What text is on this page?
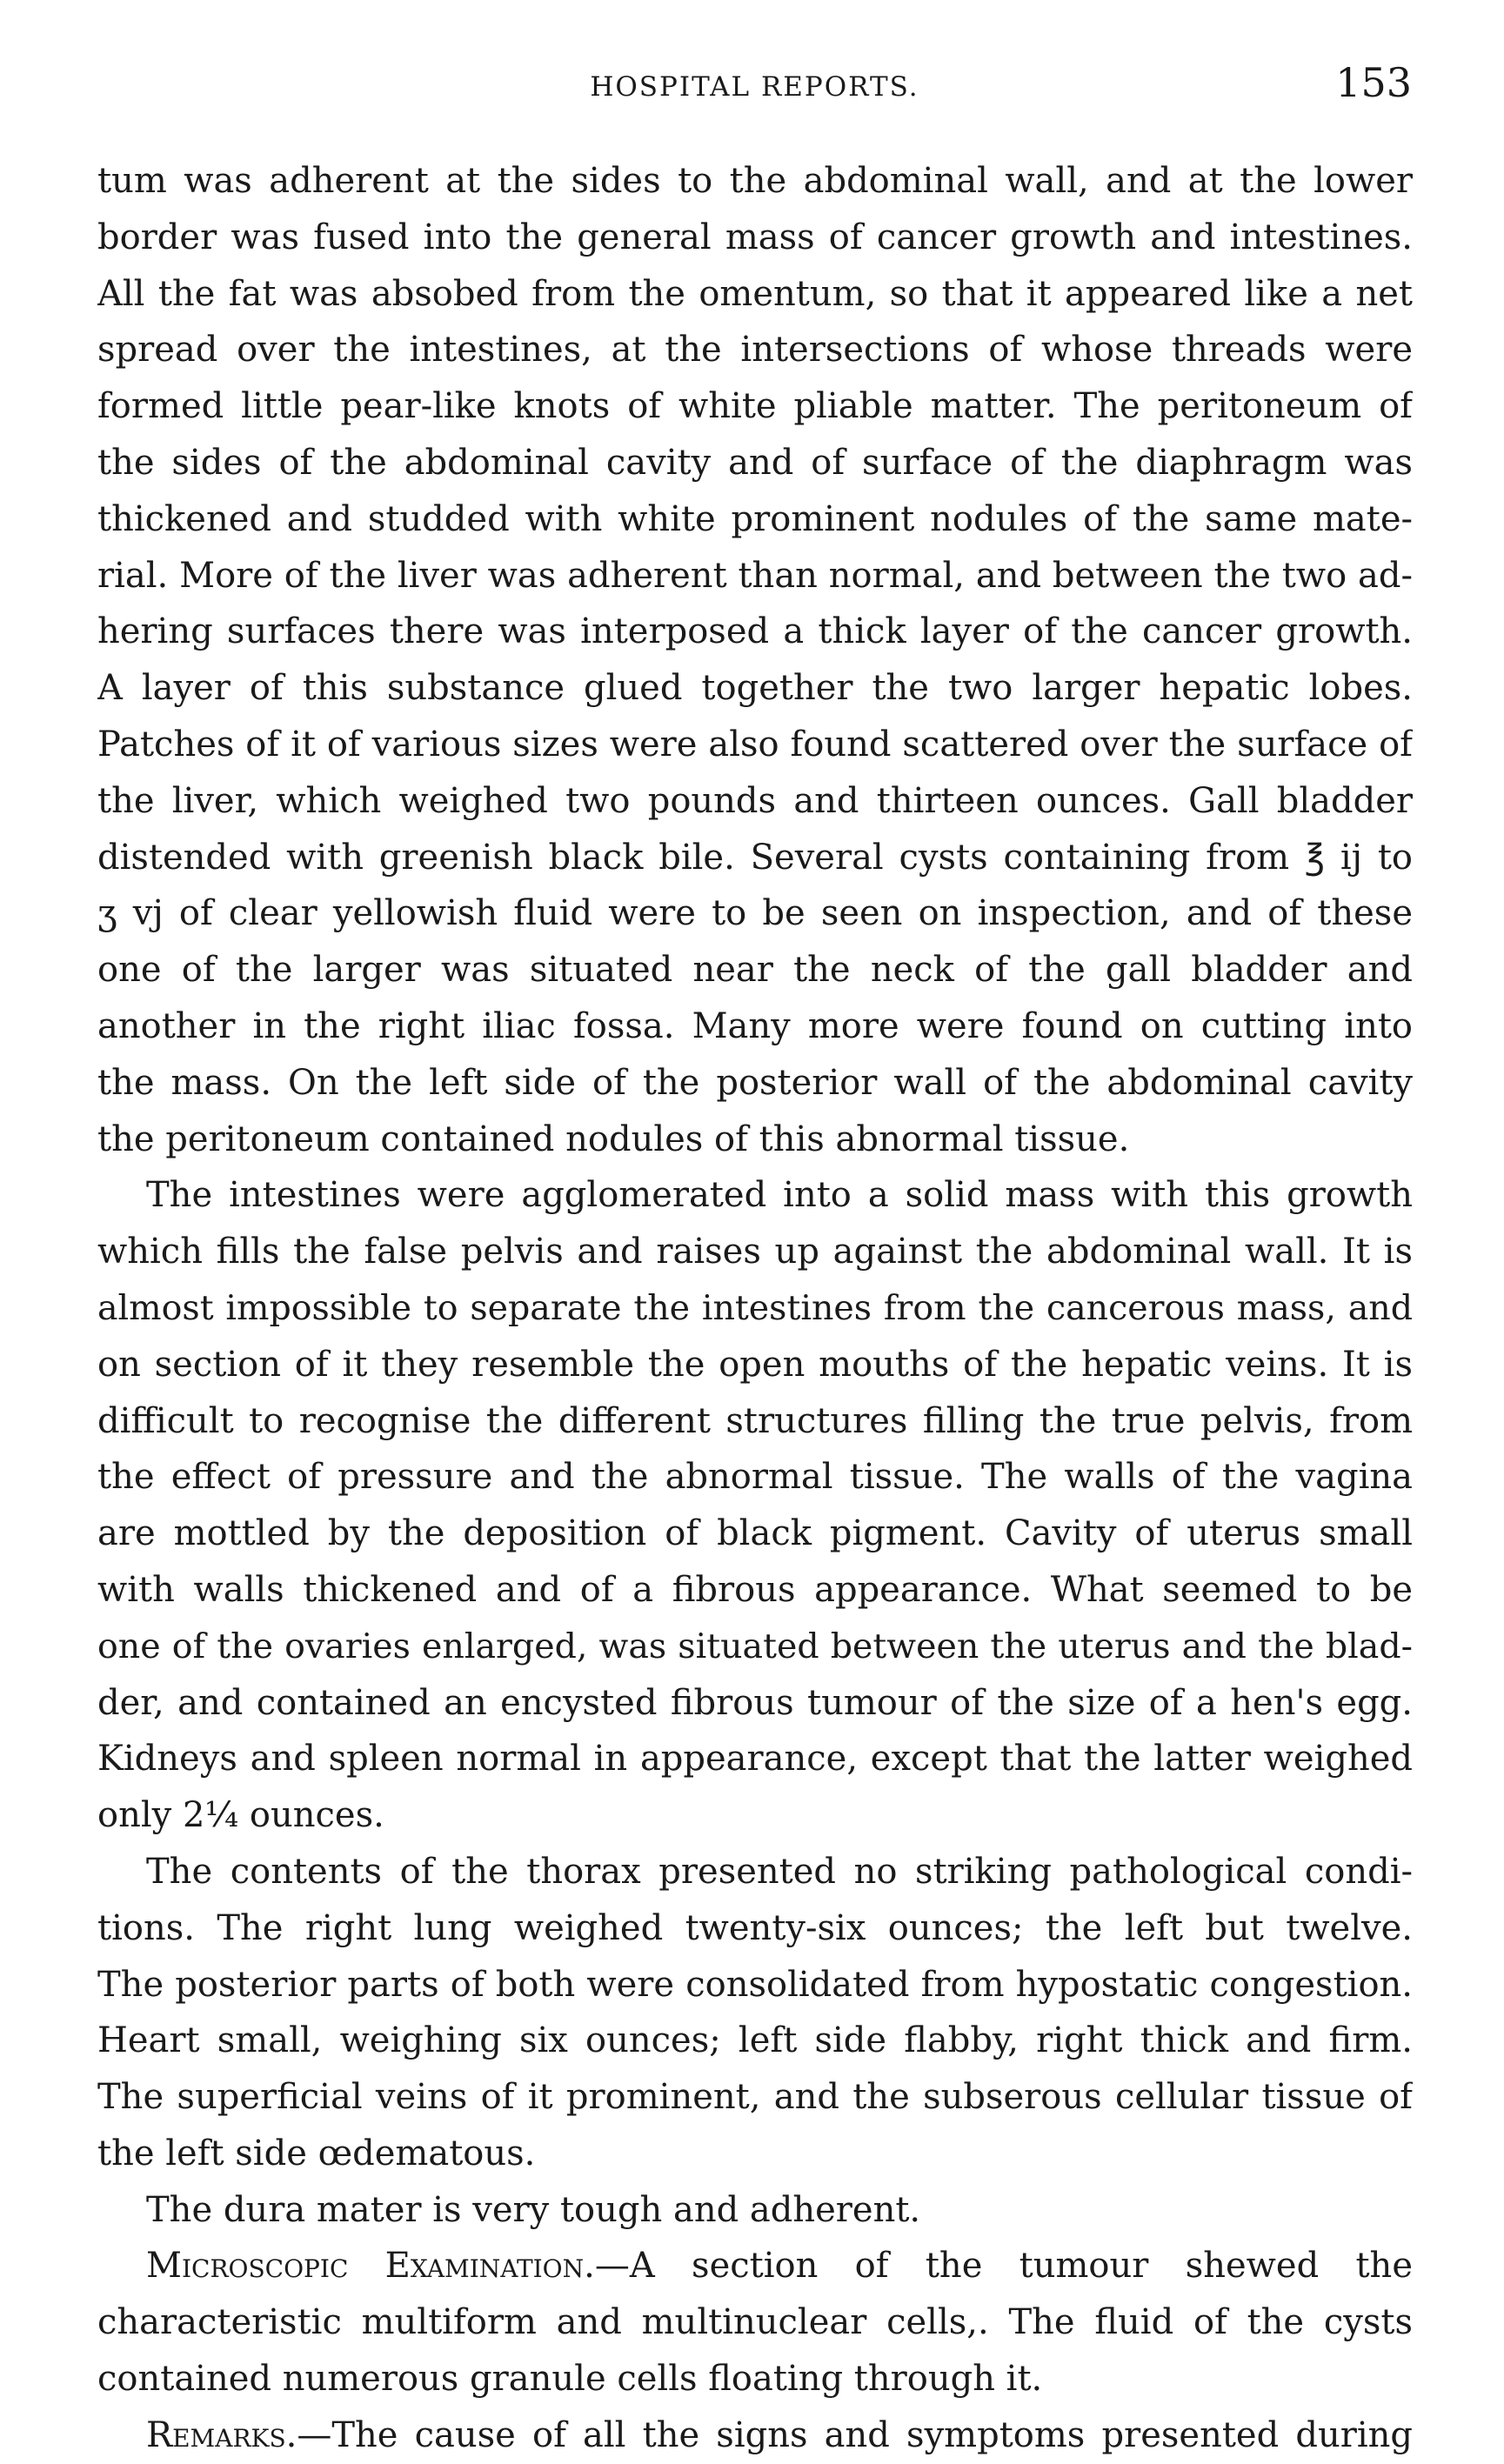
HOSPITAL REPORTS.	153
tum was adherent at the sides to the abdominal wall, and at the lower
border was fused into the general mass of cancer growth and intestines.
All the fat was absobed from the omentum, so that it appeared like a net
spread over the intestines, at the intersections of whose threads were
formed little pear-like knots of white pliable matter. The peritoneum of
the sides of the abdominal cavity and of surface of the diaphragm was
thickened and studded with white prominent nodules of the same mate-
rial. More of the liver was adherent than normal, and between the two ad-
hering surfaces there was interposed a thick layer of the cancer growth.
A layer of this substance glued together the two larger hepatic lobes.
Patches of it of various sizes were also found scattered over the surface of
the liver, which weighed two pounds and thirteen ounces. Gall bladder
distended with greenish black bile. Several cysts containing from ℥ ij to
ʒ vj of clear yellowish fluid were to be seen on inspection, and of these
one of the larger was situated near the neck of the gall bladder and
another in the right iliac fossa. Many more were found on cutting into
the mass. On the left side of the posterior wall of the abdominal cavity
the peritoneum contained nodules of this abnormal tissue.
The intestines were agglomerated into a solid mass with this growth
which fills the false pelvis and raises up against the abdominal wall. It is
almost impossible to separate the intestines from the cancerous mass, and
on section of it they resemble the open mouths of the hepatic veins. It is
difficult to recognise the different structures filling the true pelvis, from
the effect of pressure and the abnormal tissue. The walls of the vagina
are mottled by the deposition of black pigment. Cavity of uterus small
with walls thickened and of a fibrous appearance. What seemed to be
one of the ovaries enlarged, was situated between the uterus and the blad-
der, and contained an encysted fibrous tumour of the size of a hen's egg.
Kidneys and spleen normal in appearance, except that the latter weighed
only 2¼ ounces.
The contents of the thorax presented no striking pathological condi-
tions. The right lung weighed twenty-six ounces; the left but twelve.
The posterior parts of both were consolidated from hypostatic congestion.
Heart small, weighing six ounces; left side flabby, right thick and firm.
The superficial veins of it prominent, and the subserous cellular tissue of
the left side œdematous.
The dura mater is very tough and adherent.
Microscopic Examination.—A section of the tumour shewed the
characteristic multiform and multinuclear cells,. The fluid of the cysts
contained numerous granule cells floating through it.
Remarks.—The cause of all the signs and symptoms presented during
